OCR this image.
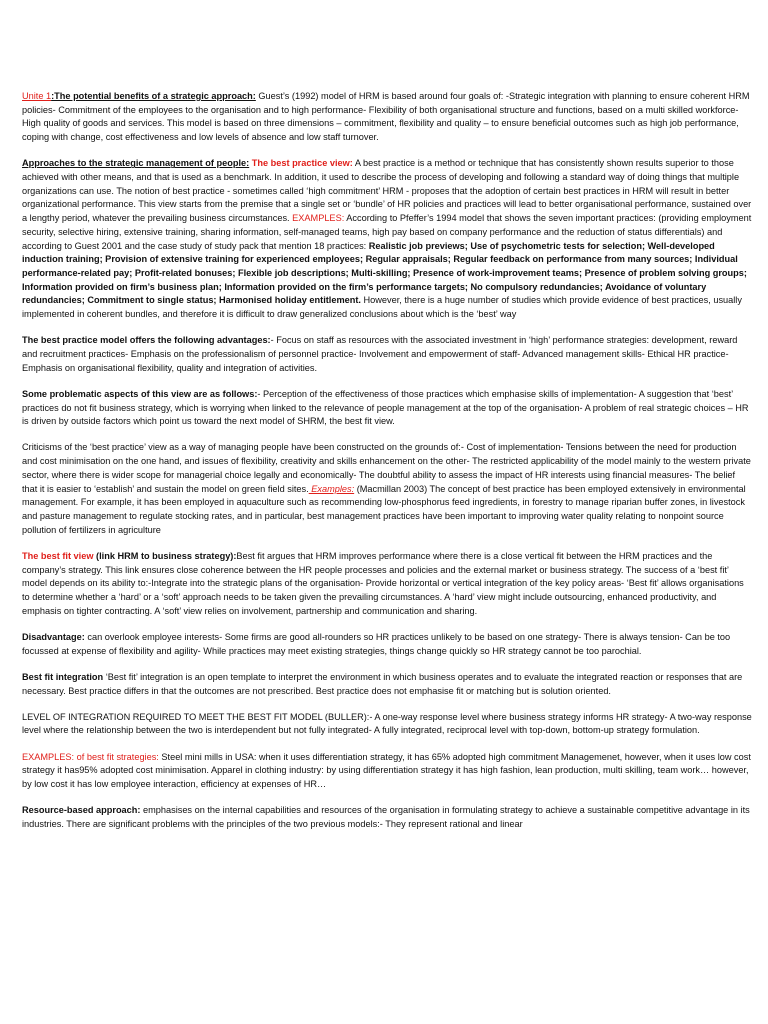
Unite 1:The potential benefits of a strategic approach: Guest’s (1992) model of HRM is based around four goals of: -Strategic integration with planning to ensure coherent HRM policies- Commitment of the employees to the organisation and to high performance- Flexibility of both organisational structure and functions, based on a multi skilled workforce- High quality of goods and services. This model is based on three dimensions – commitment, flexibility and quality – to ensure beneficial outcomes such as high job performance, coping with change, cost effectiveness and low levels of absence and low staff turnover.

Approaches to the strategic management of people: The best practice view: A best practice is a method or technique that has consistently shown results superior to those achieved with other means, and that is used as a benchmark. In addition, it used to describe the process of developing and following a standard way of doing things that multiple organizations can use. The notion of best practice - sometimes called ‘high commitment’ HRM - proposes that the adoption of certain best practices in HRM will result in better organizational performance. This view starts from the premise that a single set or ‘bundle’ of HR policies and practices will lead to better organisational performance, sustained over a lengthy period, whatever the prevailing business circumstances. EXAMPLES: According to Pfeffer’s 1994 model that shows the seven important practices: (providing employment security, selective hiring, extensive training, sharing information, self-managed teams, high pay based on company performance and the reduction of status differentials) and according to Guest 2001 and the case study of study pack that mention 18 practices: Realistic job previews; Use of psychometric tests for selection; Well-developed induction training; Provision of extensive training for experienced employees; Regular appraisals; Regular feedback on performance from many sources; Individual performance-related pay; Profit-related bonuses; Flexible job descriptions; Multi-skilling; Presence of work-improvement teams; Presence of problem solving groups; Information provided on firm’s business plan; Information provided on the firm’s performance targets; No compulsory redundancies; Avoidance of voluntary redundancies; Commitment to single status; Harmonised holiday entitlement. However, there is a huge number of studies which provide evidence of best practices, usually implemented in coherent bundles, and therefore it is difficult to draw generalized conclusions about which is the ‘best’ way

The best practice model offers the following advantages:- Focus on staff as resources with the associated investment in ‘high’ performance strategies: development, reward and recruitment practices- Emphasis on the professionalism of personnel practice- Involvement and empowerment of staff- Advanced management skills- Ethical HR practice- Emphasis on organisational flexibility, quality and integration of activities.

Some problematic aspects of this view are as follows:- Perception of the effectiveness of those practices which emphasise skills of implementation- A suggestion that ‘best’ practices do not fit business strategy, which is worrying when linked to the relevance of people management at the top of the organisation- A problem of real strategic choices – HR is driven by outside factors which point us toward the next model of SHRM, the best fit view.

Criticisms of the ‘best practice’ view as a way of managing people have been constructed on the grounds of:- Cost of implementation- Tensions between the need for production and cost minimisation on the one hand, and issues of flexibility, creativity and skills enhancement on the other- The restricted applicability of the model mainly to the western private sector, where there is wider scope for managerial choice legally and economically- The doubtful ability to assess the impact of HR interests using financial measures- The belief that it is easier to ‘establish’ and sustain the model on green field sites. Examples: (Macmillan 2003) The concept of best practice has been employed extensively in environmental management. For example, it has been employed in aquaculture such as recommending low-phosphorus feed ingredients, in forestry to manage riparian buffer zones, in livestock and pasture management to regulate stocking rates, and in particular, best management practices have been important to improving water quality relating to nonpoint source pollution of fertilizers in agriculture

The best fit view (link HRM to business strategy):Best fit argues that HRM improves performance where there is a close vertical fit between the HRM practices and the company’s strategy. This link ensures close coherence between the HR people processes and policies and the external market or business strategy. The success of a ‘best fit’ model depends on its ability to:-Integrate into the strategic plans of the organisation- Provide horizontal or vertical integration of the key policy areas- ‘Best fit’ allows organisations to determine whether a ‘hard’ or a ‘soft’ approach needs to be taken given the prevailing circumstances. A ‘hard’ view might include outsourcing, enhanced productivity, and emphasis on tighter contracting. A ‘soft’ view relies on involvement, partnership and communication and sharing.

Disadvantage: can overlook employee interests- Some firms are good all-rounders so HR practices unlikely to be based on one strategy- There is always tension- Can be too focussed at expense of flexibility and agility- While practices may meet existing strategies, things change quickly so HR strategy cannot be too parochial.

Best fit integration ‘Best fit’ integration is an open template to interpret the environment in which business operates and to evaluate the integrated reaction or responses that are necessary. Best practice differs in that the outcomes are not prescribed. Best practice does not emphasise fit or matching but is solution oriented.

LEVEL OF INTEGRATION REQUIRED TO MEET THE BEST FIT MODEL (BULLER):- A one-way response level where business strategy informs HR strategy- A two-way response level where the relationship between the two is interdependent but not fully integrated- A fully integrated, reciprocal level with top-down, bottom-up strategy formulation.

EXAMPLES: of best fit strategies: Steel mini mills in USA: when it uses differentiation strategy, it has 65% adopted high commitment Managemenet, however, when it uses low cost strategy it has95% adopted cost minimisation. Apparel in clothing industry: by using differentiation strategy it has high fashion, lean production, multi skilling, team work… however, by low cost it has low employee interaction, efficiency at expenses of HR…

Resource-based approach: emphasises on the internal capabilities and resources of the organisation in formulating strategy to achieve a sustainable competitive advantage in its industries. There are significant problems with the principles of the two previous models:- They represent rational and linear
